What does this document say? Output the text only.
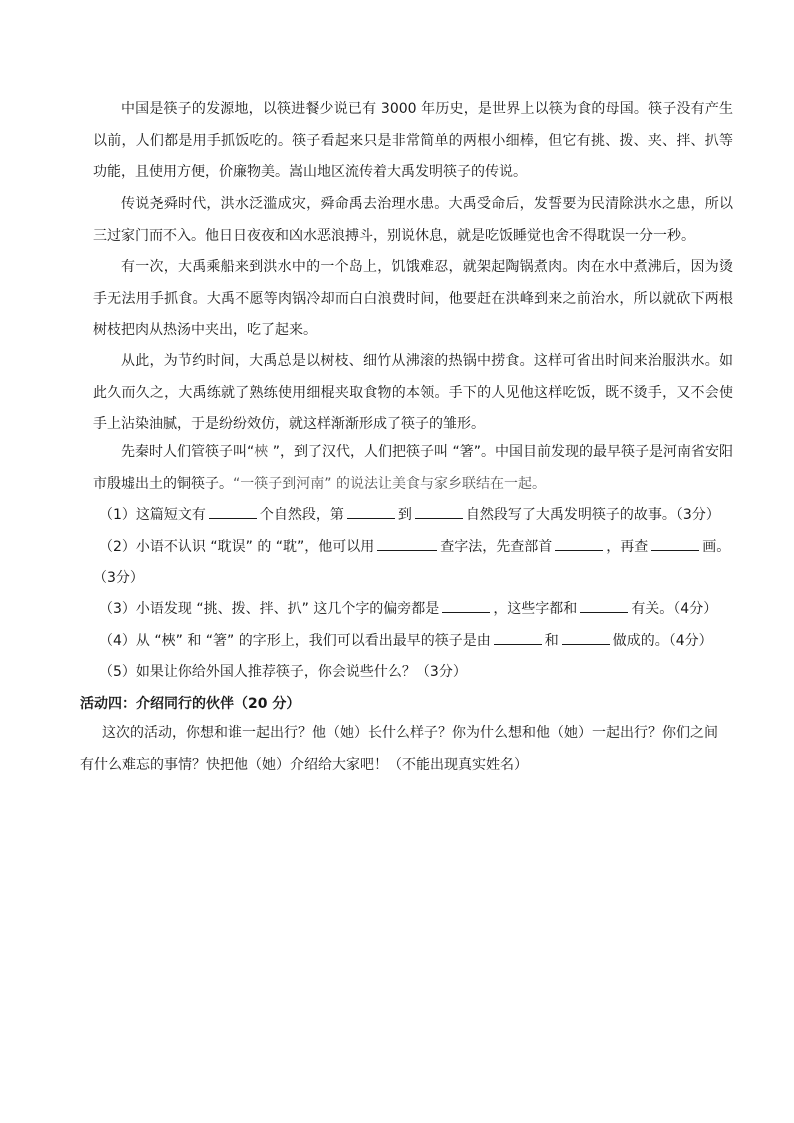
中国是筷子的发源地，以筷进餐少说已有 3000 年历史，是世界上以筷为食的母国。筷子没有产生以前，人们都是用手抓饭吃的。筷子看起来只是非常简单的两根小细棒，但它有挑、拨、夹、拌、扒等功能，且使用方便，价廉物美。嵩山地区流传着大禹发明筷子的传说。

传说尧舜时代，洪水泛滥成灾，舜命禹去治理水患。大禹受命后，发誓要为民清除洪水之患，所以三过家门而不入。他日日夜夜和凶水恶浪搏斗，别说休息，就是吃饭睡觉也舍不得耽误一分一秒。

有一次，大禹乘船来到洪水中的一个岛上，饥饿难忍，就架起陶锅煮肉。肉在水中煮沸后，因为烫手无法用手抓食。大禹不愿等肉锅冷却而白白浪费时间，他要赶在洪峰到来之前治水，所以就砍下两根树枝把肉从热汤中夹出，吃了起来。

从此，为节约时间，大禹总是以树枝、细竹从沸滚的热锅中捞食。这样可省出时间来治服洪水。如此久而久之，大禹练就了熟练使用细棍夹取食物的本领。手下的人见他这样吃饭，既不烫手，又不会使手上沾染油腻，于是纷纷效仿，就这样渐渐形成了筷子的雏形。

先秦时人们管筷子叫“梜 ”，到了汉代，人们把筷子叫 “箸”。中国目前发现的最早筷子是河南省安阳市殷墟出土的铜筷子。“一筷子到河南” 的说法让美食与家乡联结在一起。

（1）这篇短文有	个自然段，第	到	自然段写了大禹发明筷子的故事。（3分）

（2）小语不认识 “耽误” 的 “耽”，他可以用	查字法，先查部首	，再查	画。
（3分）

（3）小语发现 “挑、拨、拌、扒” 这几个字的偏旁都是	，这些字都和	有关。（4分）

（4）从 “梜” 和 “箸” 的字形上，我们可以看出最早的筷子是由	和	做成的。（4分）

（5）如果让你给外国人推荐筷子，你会说些什么？（3分）

活动四：介绍同行的伙伴（20 分）

这次的活动，你想和谁一起出行？他（她）长什么样子？你为什么想和他（她）一起出行？你们之间有什么难忘的事情？快把他（她）介绍给大家吧！（不能出现真实姓名）
